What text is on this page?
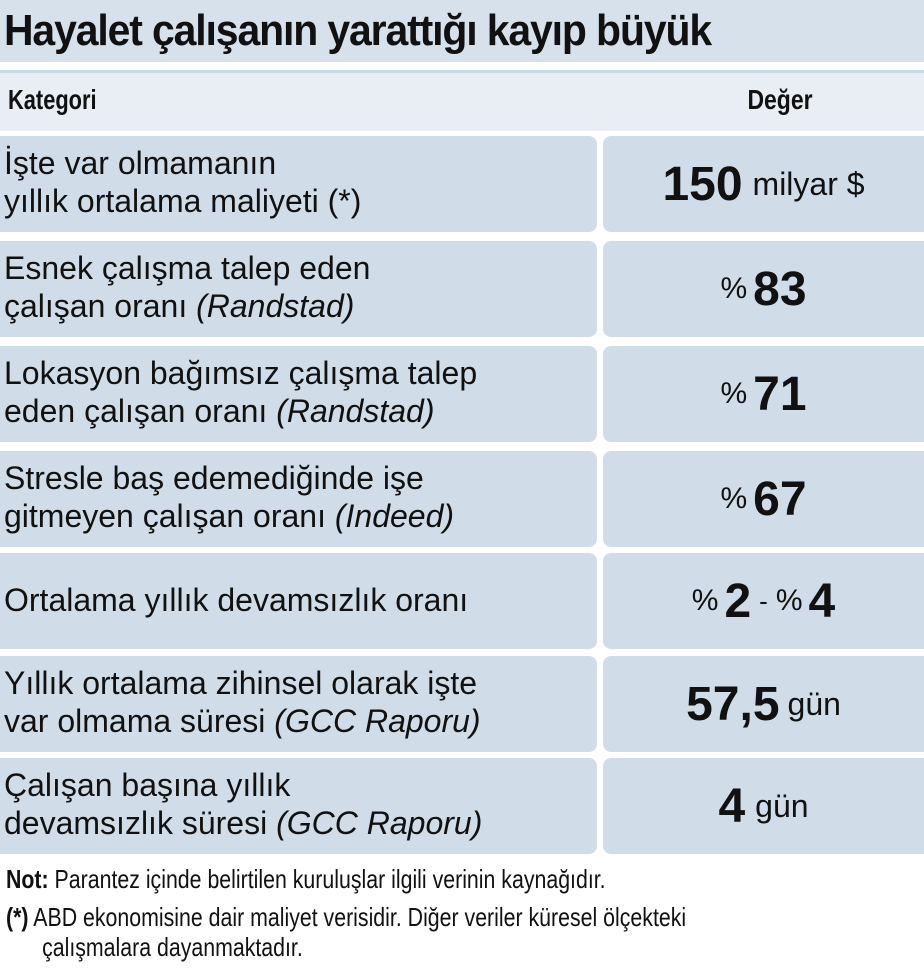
Hayalet çalışanın yarattığı kayıp büyük
Kategori	Değer
İşte var olmamanın
yıllık ortalama maliyeti (*)	150 milyar $
Esnek çalışma talep eden
çalışan oranı (Randstad)	% 83
Lokasyon bağımsız çalışma talep
eden çalışan oranı (Randstad)	% 71
Stresle baş edemediğinde işe
gitmeyen çalışan oranı (Indeed)	% 67
Ortalama yıllık devamsızlık oranı	% 2 - % 4
Yıllık ortalama zihinsel olarak işte
var olmama süresi (GCC Raporu)	57,5 gün
Çalışan başına yıllık
devamsızlık süresi (GCC Raporu)	4 gün
Not: Parantez içinde belirtilen kuruluşlar ilgili verinin kaynağıdır.
(*) ABD ekonomisine dair maliyet verisidir. Diğer veriler küresel ölçekteki
çalışmalara dayanmaktadır.
